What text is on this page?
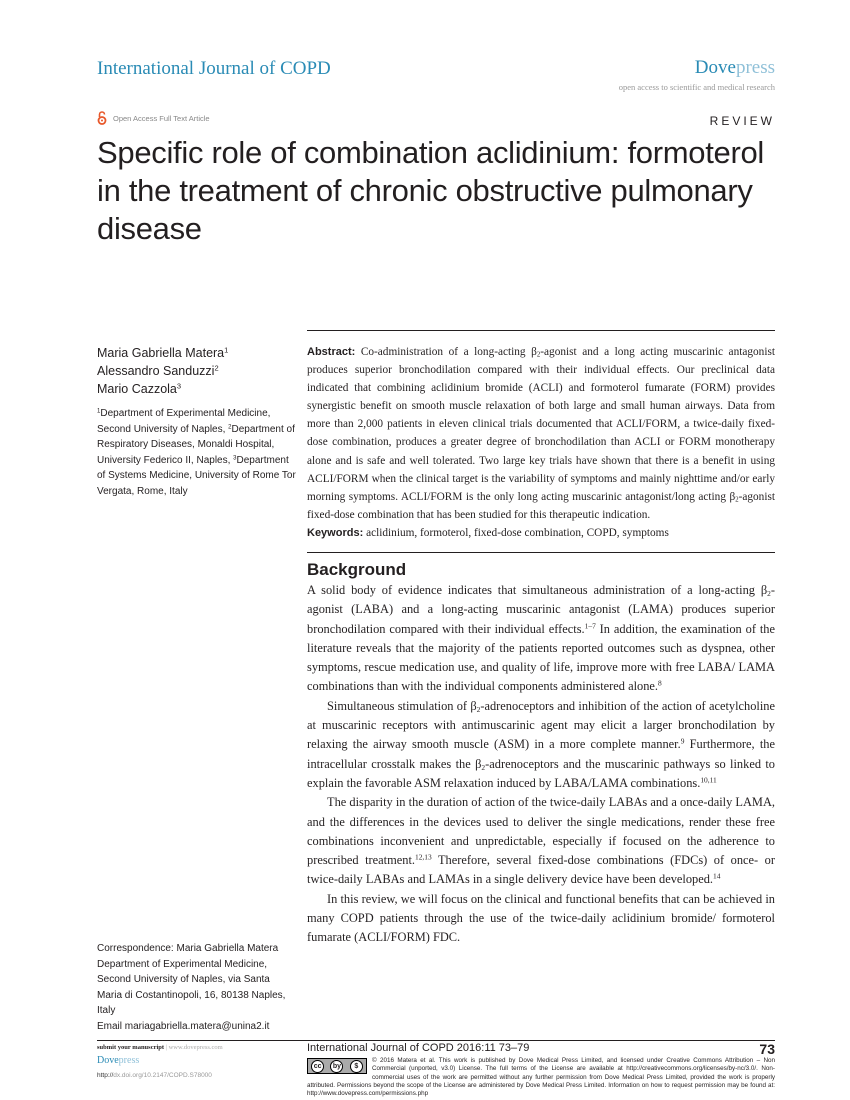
International Journal of COPD	Dovepress
open access to scientific and medical research
Open Access Full Text Article	REVIEW
Specific role of combination aclidinium: formoterol in the treatment of chronic obstructive pulmonary disease
Maria Gabriella Matera$^1$
Alessandro Sanduzzi$^2$
Mario Cazzola$^3$
$^1$Department of Experimental Medicine, Second University of Naples, $^2$Department of Respiratory Diseases, Monaldi Hospital, University Federico II, Naples, $^3$Department of Systems Medicine, University of Rome Tor Vergata, Rome, Italy
Correspondence: Maria Gabriella Matera
Department of Experimental Medicine, Second University of Naples, via Santa Maria di Costantinopoli, 16, 80138 Naples, Italy
Email mariagabriella.matera@unina2.it
Abstract: Co-administration of a long-acting $\beta_2$-agonist and a long acting muscarinic antagonist produces superior bronchodilation compared with their individual effects. Our preclinical data indicated that combining aclidinium bromide (ACLI) and formoterol fumarate (FORM) provides synergistic benefit on smooth muscle relaxation of both large and small human airways. Data from more than 2,000 patients in eleven clinical trials documented that ACLI/FORM, a twice-daily fixed-dose combination, produces a greater degree of bronchodilation than ACLI or FORM monotherapy alone and is safe and well tolerated. Two large key trials have shown that there is a benefit in using ACLI/FORM when the clinical target is the variability of symptoms and mainly nighttime and/or early morning symptoms. ACLI/FORM is the only long acting muscarinic antagonist/long acting $\beta_2$-agonist fixed-dose combination that has been studied for this therapeutic indication.
Keywords: aclidinium, formoterol, fixed-dose combination, COPD, symptoms
Background

A solid body of evidence indicates that simultaneous administration of a long-acting $\beta_2$-agonist (LABA) and a long-acting muscarinic antagonist (LAMA) produces superior bronchodilation compared with their individual effects.$^{1-7}$ In addition, the examination of the literature reveals that the majority of the patients reported outcomes such as dyspnea, other symptoms, rescue medication use, and quality of life, improve more with free LABA/ LAMA combinations than with the individual components administered alone.$^8$

Simultaneous stimulation of $\beta_2$-adrenoceptors and inhibition of the action of acetylcholine at muscarinic receptors with antimuscarinic agent may elicit a larger bronchodilation by relaxing the airway smooth muscle (ASM) in a more complete manner.$^9$ Furthermore, the intracellular crosstalk makes the $\beta_2$-adrenoceptors and the muscarinic pathways so linked to explain the favorable ASM relaxation induced by LABA/LAMA combinations.$^{10,11}$

The disparity in the duration of action of the twice-daily LABAs and a once-daily LAMA, and the differences in the devices used to deliver the single medications, render these free combinations inconvenient and unpredictable, especially if focused on the adherence to prescribed treatment.$^{12,13}$ Therefore, several fixed-dose combinations (FDCs) of once- or twice-daily LABAs and LAMAs in a single delivery device have been developed.$^{14}$

In this review, we will focus on the clinical and functional benefits that can be achieved in many COPD patients through the use of the twice-daily aclidinium bromide/ formoterol fumarate (ACLI/FORM) FDC.

submit your manuscript | www.dovepress.com
Dovepress
http://dx.doi.org/10.2147/COPD.S78000
International Journal of COPD 2016:11 73–79	73
cc	by	$
© 2016 Matera et al. This work is published by Dove Medical Press Limited, and licensed under Creative Commons Attribution – Non Commercial (unported, v3.0) License. The full terms of the License are available at http://creativecommons.org/licenses/by-nc/3.0/. Non-commercial uses of the work are permitted without any further permission from Dove Medical Press Limited, provided the work is properly attributed. Permissions beyond the scope of the License are administered by Dove Medical Press Limited. Information on how to request permission may be found at: http://www.dovepress.com/permissions.php
